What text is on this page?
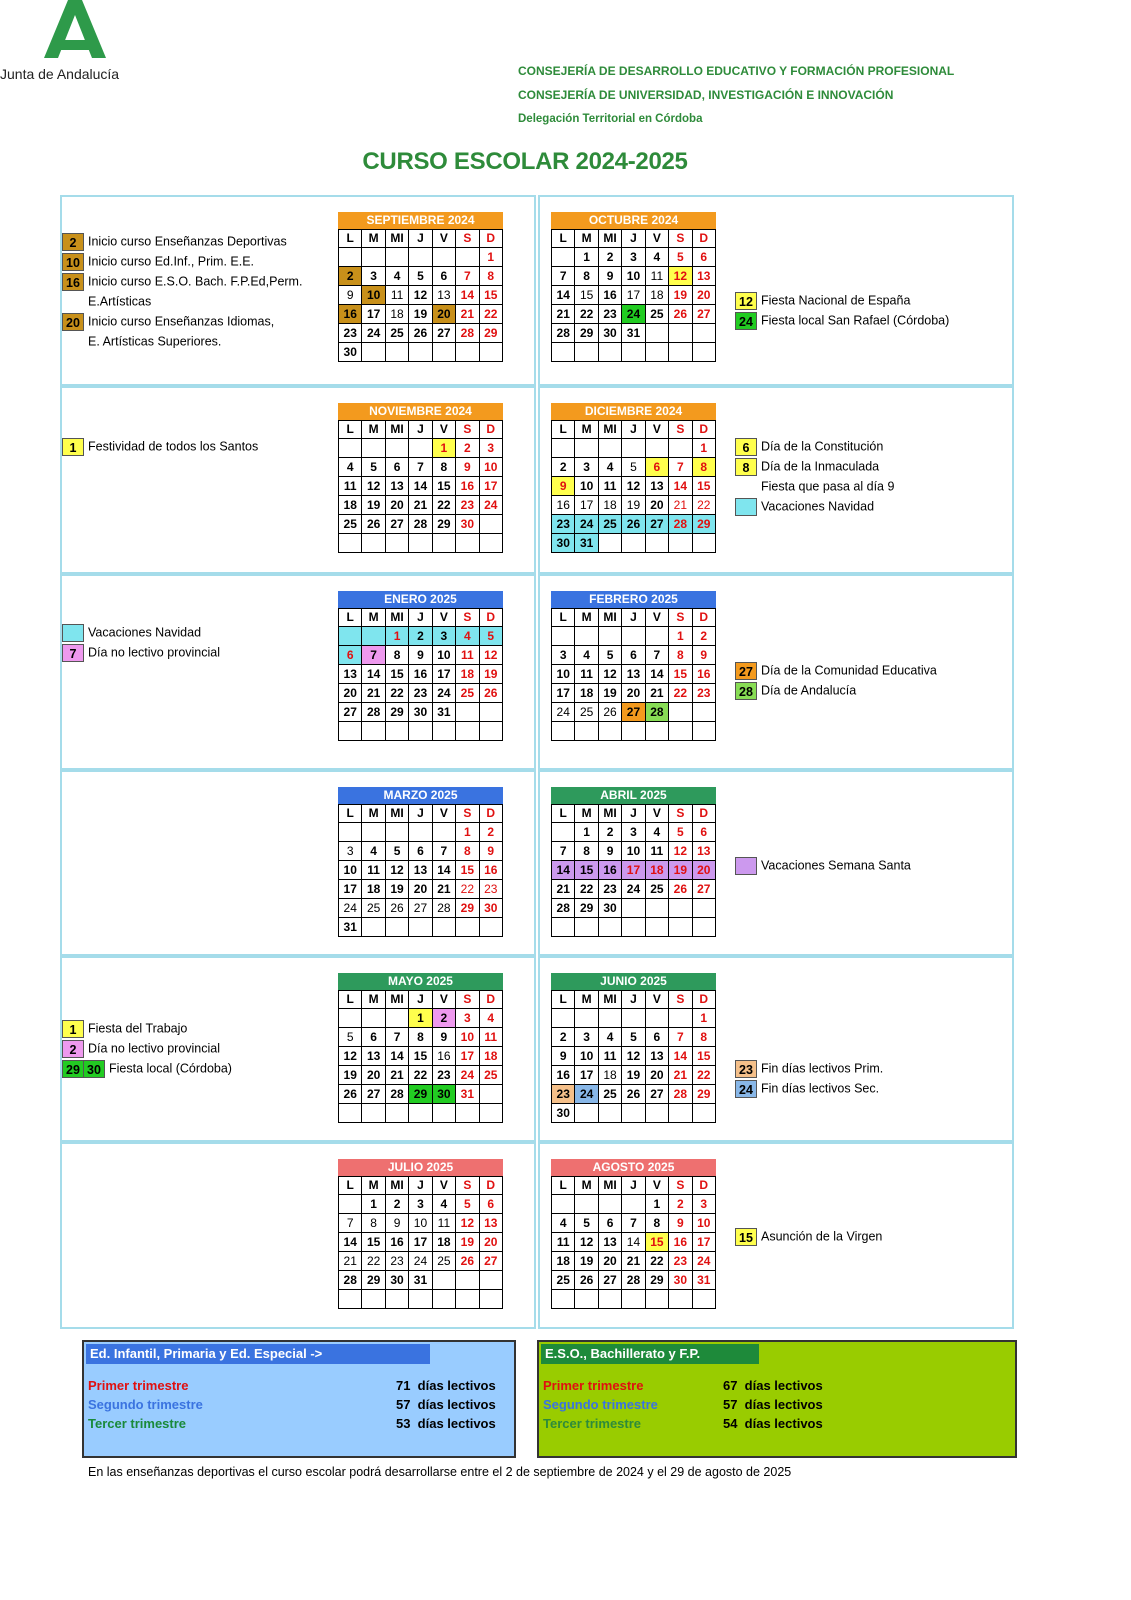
Junta de Andalucía	CONSEJERÍA DE DESARROLLO EDUCATIVO Y FORMACIÓN PROFESIONAL
CONSEJERÍA DE UNIVERSIDAD, INVESTIGACIÓN E INNOVACIÓN
Delegación Territorial en Córdoba
CURSO ESCOLAR 2024-2025
SEPTIEMBRE 2024
L	M	MI	J	V	S	D
						1
2	3	4	5	6	7	8
9	10	11	12	13	14	15
16	17	18	19	20	21	22
23	24	25	26	27	28	29
30						
OCTUBRE 2024
L	M	MI	J	V	S	D
	1	2	3	4	5	6
7	8	9	10	11	12	13
14	15	16	17	18	19	20
21	22	23	24	25	26	27
28	29	30	31			

NOVIEMBRE 2024
L	M	MI	J	V	S	D
				1	2	3
4	5	6	7	8	9	10
11	12	13	14	15	16	17
18	19	20	21	22	23	24
25	26	27	28	29	30	

DICIEMBRE 2024
L	M	MI	J	V	S	D
						1
2	3	4	5	6	7	8
9	10	11	12	13	14	15
16	17	18	19	20	21	22
23	24	25	26	27	28	29
30	31					
ENERO 2025
L	M	MI	J	V	S	D
		1	2	3	4	5
6	7	8	9	10	11	12
13	14	15	16	17	18	19
20	21	22	23	24	25	26
27	28	29	30	31		

FEBRERO 2025
L	M	MI	J	V	S	D
					1	2
3	4	5	6	7	8	9
10	11	12	13	14	15	16
17	18	19	20	21	22	23
24	25	26	27	28		

MARZO 2025
L	M	MI	J	V	S	D
					1	2
3	4	5	6	7	8	9
10	11	12	13	14	15	16
17	18	19	20	21	22	23
24	25	26	27	28	29	30
31						
ABRIL 2025
L	M	MI	J	V	S	D
	1	2	3	4	5	6
7	8	9	10	11	12	13
14	15	16	17	18	19	20
21	22	23	24	25	26	27
28	29	30				

MAYO 2025
L	M	MI	J	V	S	D
			1	2	3	4
5	6	7	8	9	10	11
12	13	14	15	16	17	18
19	20	21	22	23	24	25
26	27	28	29	30	31	

JUNIO 2025
L	M	MI	J	V	S	D
						1
2	3	4	5	6	7	8
9	10	11	12	13	14	15
16	17	18	19	20	21	22
23	24	25	26	27	28	29
30						
JULIO 2025
L	M	MI	J	V	S	D
	1	2	3	4	5	6
7	8	9	10	11	12	13
14	15	16	17	18	19	20
21	22	23	24	25	26	27
28	29	30	31			

AGOSTO 2025
L	M	MI	J	V	S	D
				1	2	3
4	5	6	7	8	9	10
11	12	13	14	15	16	17
18	19	20	21	22	23	24
25	26	27	28	29	30	31

2 Inicio curso Enseñanzas Deportivas
10 Inicio curso Ed.Inf., Prim. E.E.
16 Inicio curso E.S.O. Bach. F.P.Ed,Perm.
E.Artísticas
20 Inicio curso Enseñanzas Idiomas,
E. Artísticas Superiores.
12 Fiesta Nacional de España
24 Fiesta local San Rafael (Córdoba)
1 Festividad de todos los Santos	6 Día de la Constitución
8 Día de la Inmaculada
Fiesta que pasa al día 9
Vacaciones Navidad
Vacaciones Navidad
7 Día no lectivo provincial
27 Día de la Comunidad Educativa
28 Día de Andalucía
Vacaciones Semana Santa
1 Fiesta del Trabajo
2 Día no lectivo provincial
29 30 Fiesta local (Córdoba)	23 Fin días lectivos Prim.
24 Fin días lectivos Sec.
15 Asunción de la Virgen
Ed. Infantil, Primaria y Ed. Especial ->
Primer trimestre	71  días lectivos
Segundo trimestre	57  días lectivos
Tercer trimestre	53  días lectivos
E.S.O., Bachillerato y F.P.
Primer trimestre	67  días lectivos
Segundo trimestre	57  días lectivos
Tercer trimestre	54  días lectivos
En las enseñanzas deportivas el curso escolar podrá desarrollarse entre el 2 de septiembre de 2024 y el 29 de agosto de 2025
